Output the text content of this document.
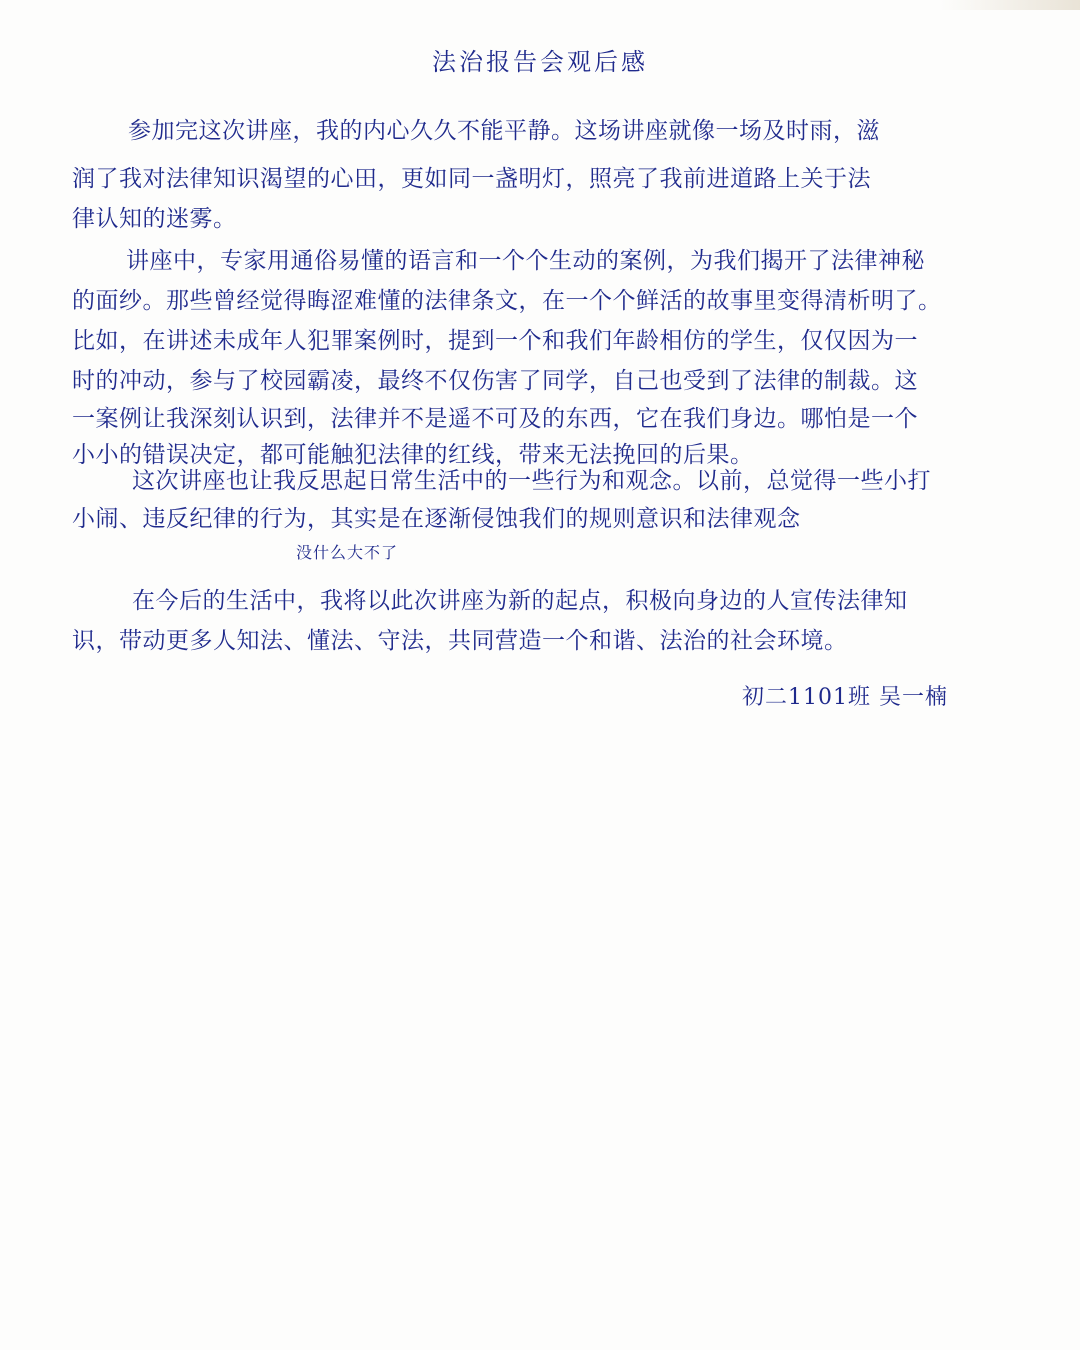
法治报告会观后感
参加完这次讲座，我的内心久久不能平静。这场讲座就像一场及时雨，滋
润了我对法律知识渴望的心田，更如同一盏明灯，照亮了我前进道路上关于法
律认知的迷雾。
讲座中，专家用通俗易懂的语言和一个个生动的案例，为我们揭开了法律神秘
的面纱。那些曾经觉得晦涩难懂的法律条文，在一个个鲜活的故事里变得清析明了。
比如，在讲述未成年人犯罪案例时，提到一个和我们年龄相仿的学生，仅仅因为一
时的冲动，参与了校园霸凌，最终不仅伤害了同学，自己也受到了法律的制裁。这
一案例让我深刻认识到，法律并不是遥不可及的东西，它在我们身边。哪怕是一个
小小的错误决定，都可能触犯法律的红线，带来无法挽回的后果。
这次讲座也让我反思起日常生活中的一些行为和观念。以前，总觉得一些小打
小闹、违反纪律的行为，其实是在逐渐侵蚀我们的规则意识和法律观念
没什么大不了
在今后的生活中，我将以此次讲座为新的起点，积极向身边的人宣传法律知
识，带动更多人知法、懂法、守法，共同营造一个和谐、法治的社会环境。
初二1101班 吴一楠
